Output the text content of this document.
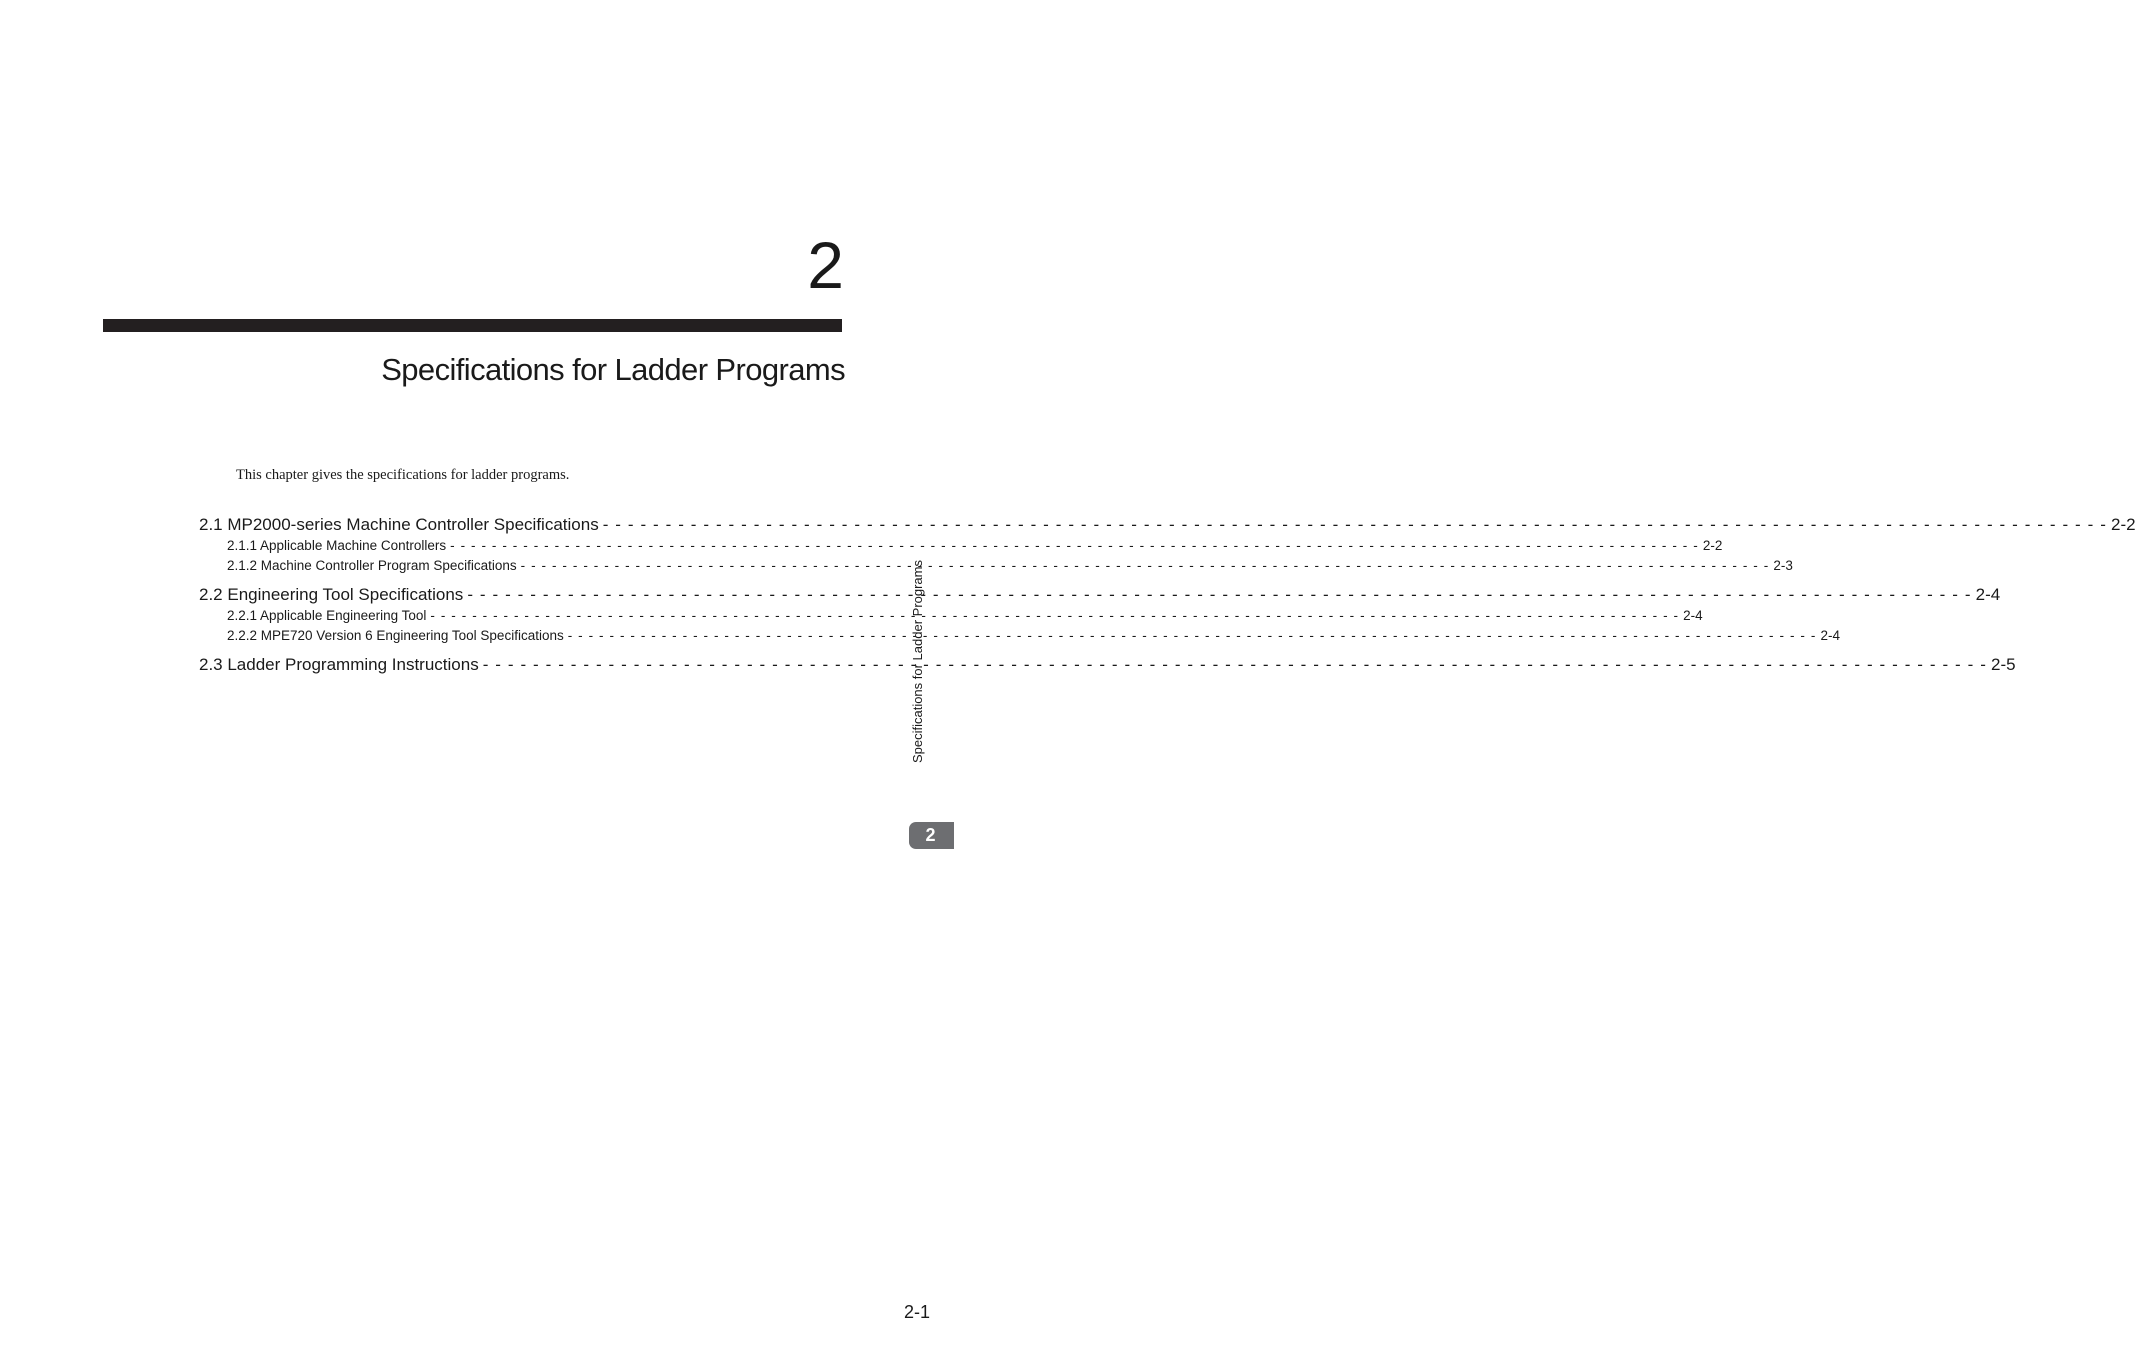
2
Specifications for Ladder Programs
This chapter gives the specifications for ladder programs.
2.1 MP2000-series Machine Controller Specifications - - - - - - - - - - - - - - - - - - - - - - - - - - - - - - - - - - - - - - - - - - - - - - - - - - - - - - - - - - - - - - - - - - - - - - - - - - - - - - - - - - - - - - - - - - - - - - - - - - - - - - - - - - - - - - - - - - - - - - - - 2-2
2.1.1 Applicable Machine Controllers - - - - - - - - - - - - - - - - - - - - - - - - - - - - - - - - - - - - - - - - - - - - - - - - - - - - - - - - - - - - - - - - - - - - - - - - - - - - - - - - - - - - - - - - - - - - - - - - - - - - - - - - - - - - - - - - - - - - - - - - 2-2
2.1.2 Machine Controller Program Specifications - - - - - - - - - - - - - - - - - - - - - - - - - - - - - - - - - - - - - - - - - - - - - - - - - - - - - - - - - - - - - - - - - - - - - - - - - - - - - - - - - - - - - - - - - - - - - - - - - - - - - - - - - - - - - - - - - - - - - - - - 2-3
2.2 Engineering Tool Specifications - - - - - - - - - - - - - - - - - - - - - - - - - - - - - - - - - - - - - - - - - - - - - - - - - - - - - - - - - - - - - - - - - - - - - - - - - - - - - - - - - - - - - - - - - - - - - - - - - - - - - - - - - - - - - - - - - - - - - - - - 2-4
2.2.1 Applicable Engineering Tool - - - - - - - - - - - - - - - - - - - - - - - - - - - - - - - - - - - - - - - - - - - - - - - - - - - - - - - - - - - - - - - - - - - - - - - - - - - - - - - - - - - - - - - - - - - - - - - - - - - - - - - - - - - - - - - - - - - - - - - - 2-4
2.2.2 MPE720 Version 6 Engineering Tool Specifications - - - - - - - - - - - - - - - - - - - - - - - - - - - - - - - - - - - - - - - - - - - - - - - - - - - - - - - - - - - - - - - - - - - - - - - - - - - - - - - - - - - - - - - - - - - - - - - - - - - - - - - - - - - - - - - - - - - - - - - - 2-4
2.3 Ladder Programming Instructions - - - - - - - - - - - - - - - - - - - - - - - - - - - - - - - - - - - - - - - - - - - - - - - - - - - - - - - - - - - - - - - - - - - - - - - - - - - - - - - - - - - - - - - - - - - - - - - - - - - - - - - - - - - - - - - - - - - - - - - - 2-5
Specifications for Ladder Programs
2
2-1
